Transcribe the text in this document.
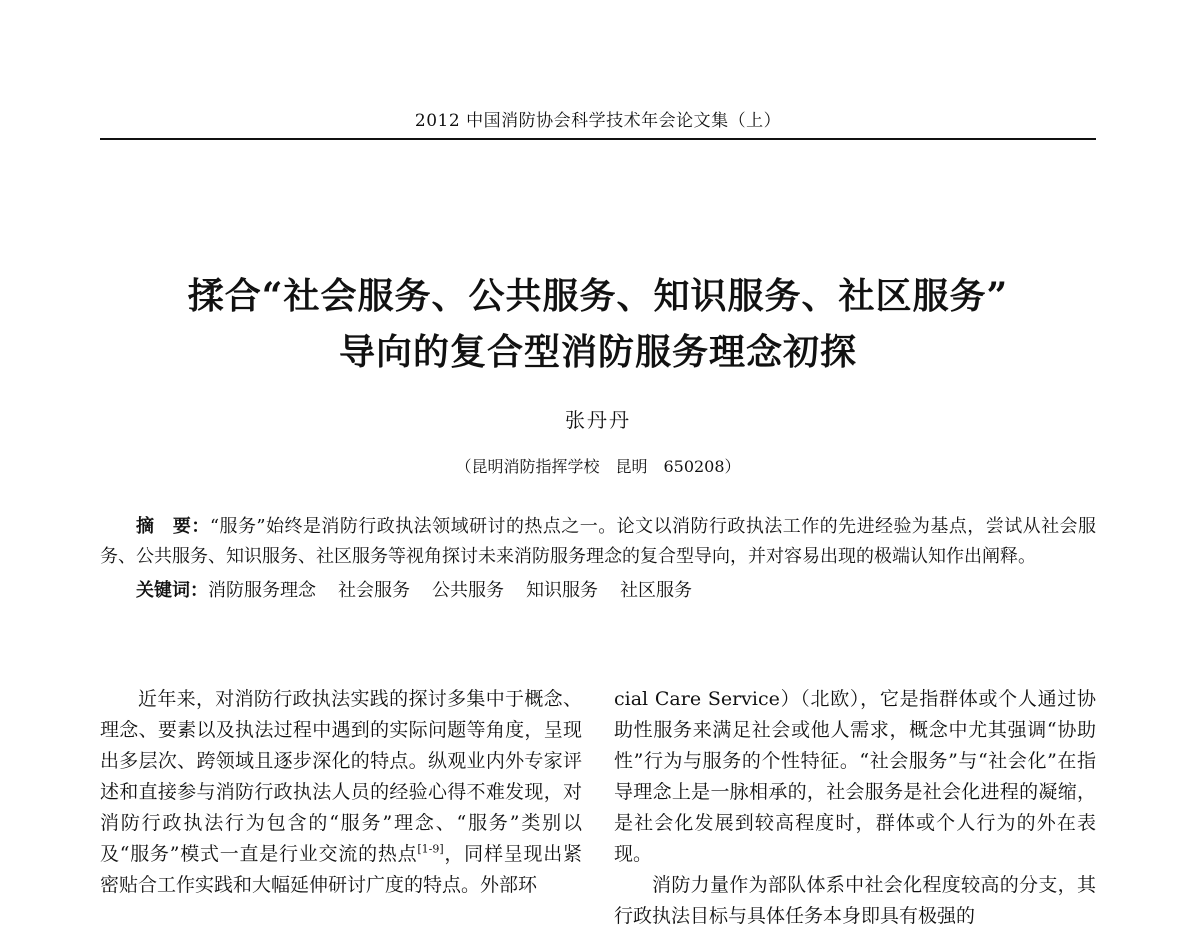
2012 中国消防协会科学技术年会论文集（上）
揉合“社会服务、公共服务、知识服务、社区服务”
导向的复合型消防服务理念初探
张丹丹
（昆明消防指挥学校　昆明　650208）

摘　要：“服务”始终是消防行政执法领域研讨的热点之一。论文以消防行政执法工作的先进经验为基点，尝试从社会服务、公共服务、知识服务、社区服务等视角探讨未来消防服务理念的复合型导向，并对容易出现的极端认知作出阐释。

关键词：消防服务理念 社会服务 公共服务 知识服务 社区服务

近年来，对消防行政执法实践的探讨多集中于概念、理念、要素以及执法过程中遇到的实际问题等角度，呈现出多层次、跨领域且逐步深化的特点。纵观业内外专家评述和直接参与消防行政执法人员的经验心得不难发现，对消防行政执法行为包含的“服务”理念、“服务”类别以及“服务”模式一直是行业交流的热点[1-9]，同样呈现出紧密贴合工作实践和大幅延伸研讨广度的特点。外部环

cial Care Service）（北欧），它是指群体或个人通过协助性服务来满足社会或他人需求，概念中尤其强调“协助性”行为与服务的个性特征。“社会服务”与“社会化”在指导理念上是一脉相承的，社会服务是社会化进程的凝缩，是社会化发展到较高程度时，群体或个人行为的外在表现。

消防力量作为部队体系中社会化程度较高的分支，其行政执法目标与具体任务本身即具有极强的
